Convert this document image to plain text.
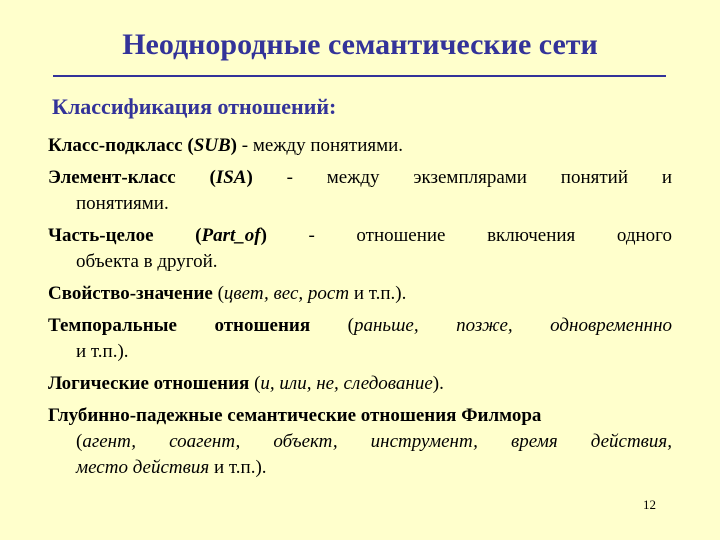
Неоднородные семантические сети
Классификация отношений:
Класс-подкласс (SUB) - между понятиями.
Элемент-класс (ISA) - между экземплярами понятий и
понятиями.
Часть-целое (Part_of) - отношение включения одного
объекта в другой.
Свойство-значение (цвет, вес, рост и т.п.).
Темпоральные отношения (раньше, позже, одновременнно
и т.п.).
Логические отношения (и, или, не, следование).
Глубинно-падежные семантические отношения Филмора
(агент, соагент, объект, инструмент, время действия,
место действия и т.п.).
12
